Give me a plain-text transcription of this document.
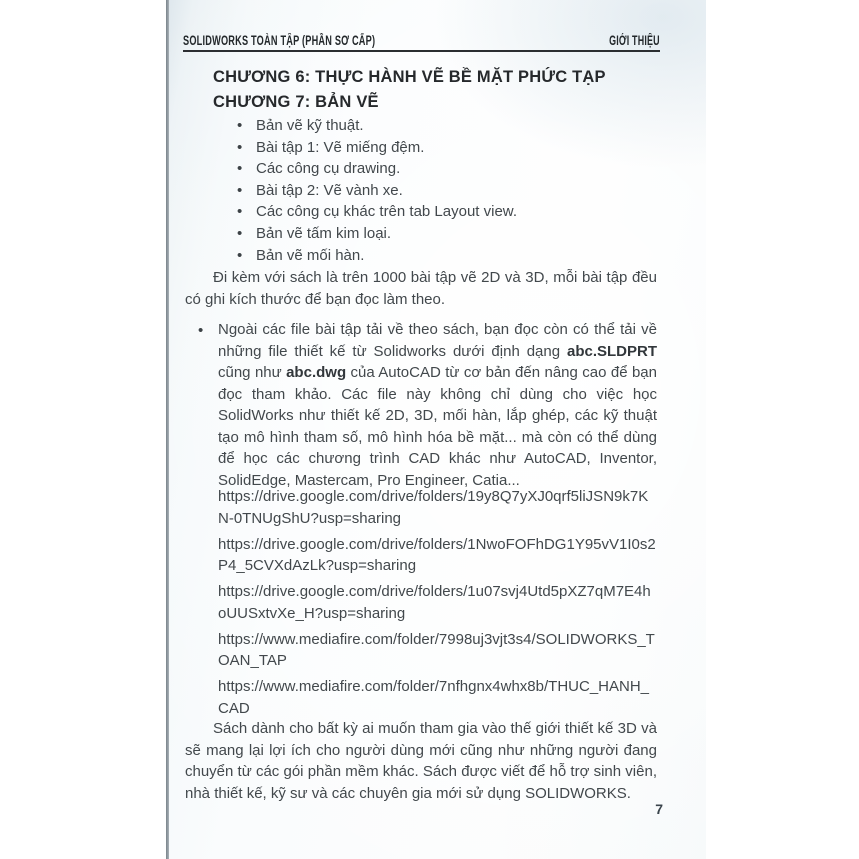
SOLIDWORKS TOÀN TẬP (PHẦN SƠ CẤP)	GIỚI THIỆU
CHƯƠNG 6: THỰC HÀNH VẼ BỀ MẶT PHỨC TẠP
CHƯƠNG 7: BẢN VẼ
• Bản vẽ kỹ thuật.
• Bài tập 1: Vẽ miếng đệm.
• Các công cụ drawing.
• Bài tập 2: Vẽ vành xe.
• Các công cụ khác trên tab Layout view.
• Bản vẽ tấm kim loại.
• Bản vẽ mối hàn.

Đi kèm với sách là trên 1000 bài tập vẽ 2D và 3D, mỗi bài tập đều có ghi kích thước để bạn đọc làm theo.

• Ngoài các file bài tập tải về theo sách, bạn đọc còn có thể tải về những file thiết kế từ Solidworks dưới định dạng abc.SLDPRT cũng như abc.dwg của AutoCAD từ cơ bản đến nâng cao để bạn đọc tham khảo. Các file này không chỉ dùng cho việc học SolidWorks như thiết kế 2D, 3D, mối hàn, lắp ghép, các kỹ thuật tạo mô hình tham số, mô hình hóa bề mặt... mà còn có thể dùng để học các chương trình CAD khác như AutoCAD, Inventor, SolidEdge, Mastercam, Pro Engineer, Catia...

https://drive.google.com/drive/folders/19y8Q7yXJ0qrf5liJSN9k7KN-0TNUgShU?usp=sharing

https://drive.google.com/drive/folders/1NwoFOFhDG1Y95vV1I0s2P4_5CVXdAzLk?usp=sharing

https://drive.google.com/drive/folders/1u07svj4Utd5pXZ7qM7E4hoUUSxtvXe_H?usp=sharing

https://www.mediafire.com/folder/7998uj3vjt3s4/SOLIDWORKS_TOAN_TAP

https://www.mediafire.com/folder/7nfhgnx4whx8b/THUC_HANH_CAD

Sách dành cho bất kỳ ai muốn tham gia vào thế giới thiết kế 3D và sẽ mang lại lợi ích cho người dùng mới cũng như những người đang chuyển từ các gói phần mềm khác. Sách được viết để hỗ trợ sinh viên, nhà thiết kế, kỹ sư và các chuyên gia mới sử dụng SOLIDWORKS.

7
